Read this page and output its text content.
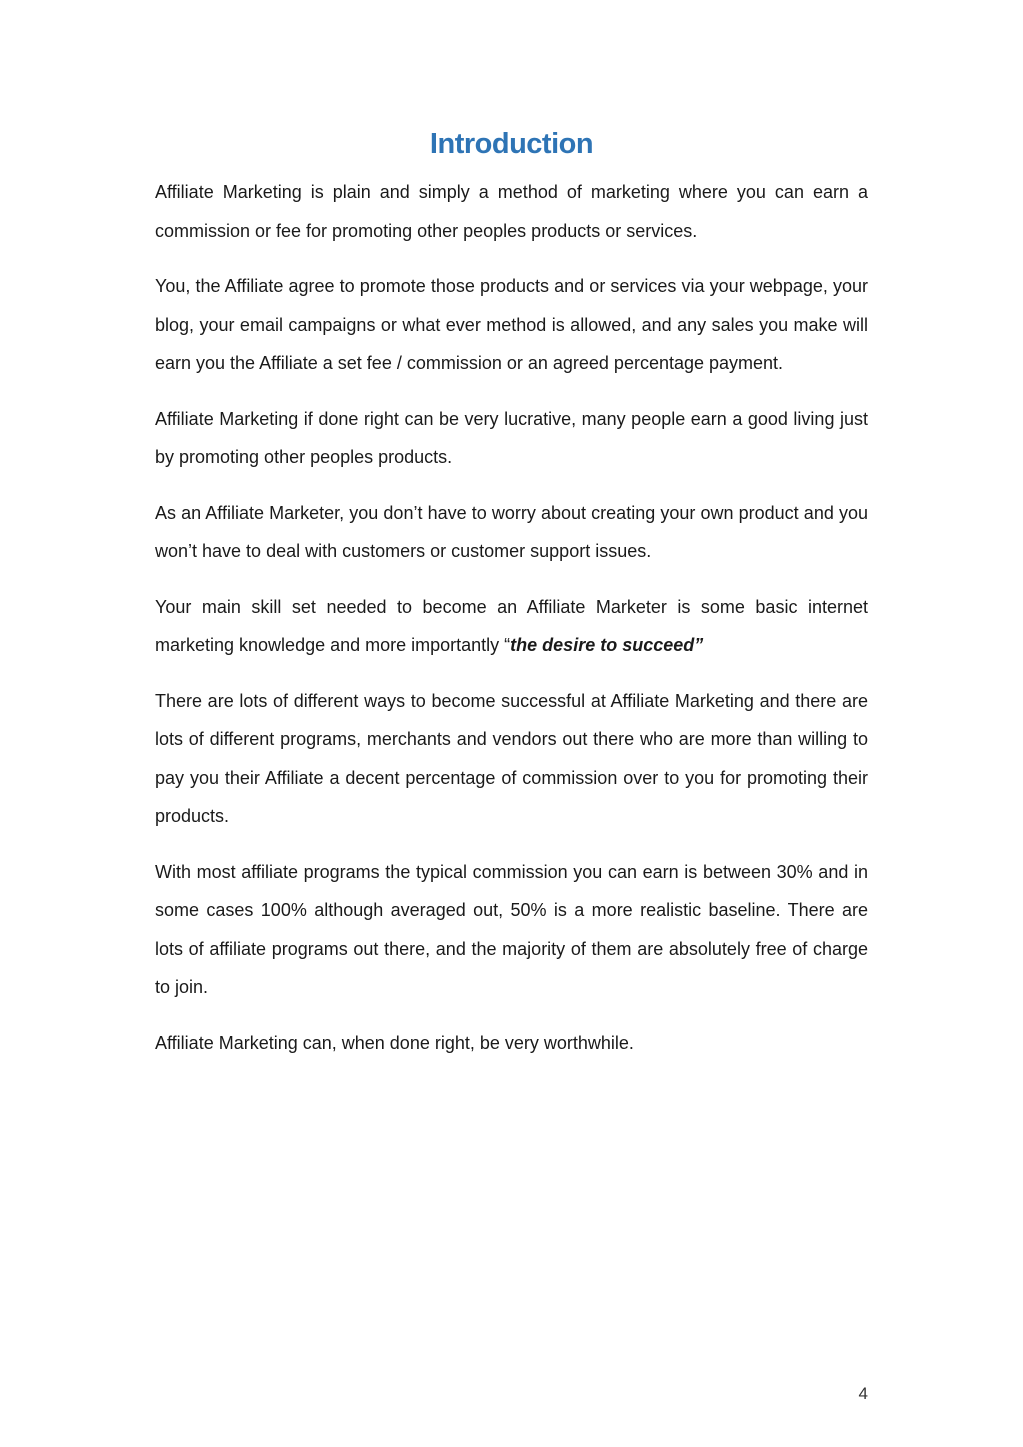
Introduction

Affiliate Marketing is plain and simply a method of marketing where you can earn a commission or fee for promoting other peoples products or services.

You, the Affiliate agree to promote those products and or services via your webpage, your blog, your email campaigns or what ever method is allowed, and any sales you make will earn you the Affiliate a set fee / commission or an agreed percentage payment.

Affiliate Marketing if done right can be very lucrative, many people earn a good living just by promoting other peoples products.

As an Affiliate Marketer, you don’t have to worry about creating your own product and you won’t have to deal with customers or customer support issues.

Your main skill set needed to become an Affiliate Marketer is some basic internet marketing knowledge and more importantly “the desire to succeed”

There are lots of different ways to become successful at Affiliate Marketing and there are lots of different programs, merchants and vendors out there who are more than willing to pay you their Affiliate a decent percentage of commission over to you for promoting their products.

With most affiliate programs the typical commission you can earn is between 30% and in some cases 100% although averaged out, 50% is a more realistic baseline. There are lots of affiliate programs out there, and the majority of them are absolutely free of charge to join.

Affiliate Marketing can, when done right, be very worthwhile.

4
